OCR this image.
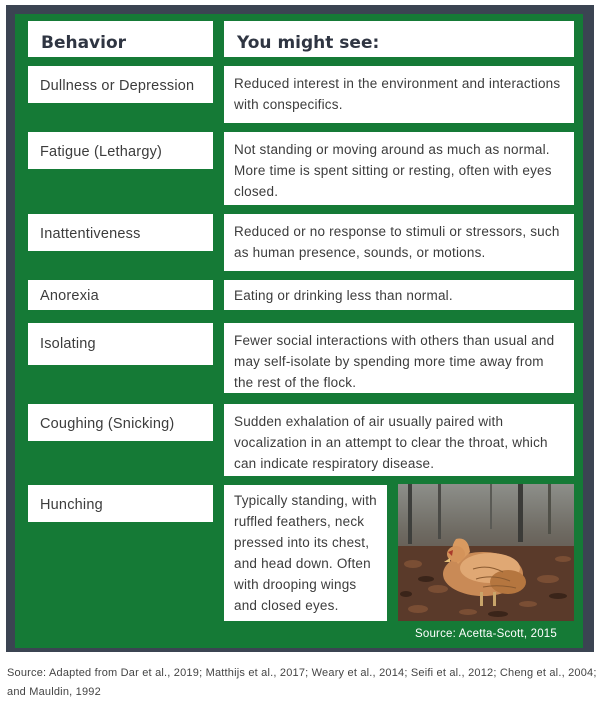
Behavior	You might see:
Dullness or Depression	Reduced interest in the environment and interactions with conspecifics.
Fatigue (Lethargy)	Not standing or moving around as much as normal. More time is spent sitting or resting, often with eyes closed.
Inattentiveness	Reduced or no response to stimuli or stressors, such as human presence, sounds, or motions.
Anorexia	Eating or drinking less than normal.
Isolating	Fewer social interactions with others than usual and may self-isolate by spending more time away from the rest of the flock.
Coughing (Snicking)	Sudden exhalation of air usually paired with vocalization in an attempt to clear the throat, which can indicate respiratory disease.
Hunching	Typically standing, with ruffled feathers, neck pressed into its chest, and head down. Often with drooping wings and closed eyes.
Source: Acetta-Scott, 2015
Source: Adapted from Dar et al., 2019; Matthijs et al., 2017; Weary et al., 2014; Seifi et al., 2012; Cheng et al., 2004; and Mauldin, 1992
